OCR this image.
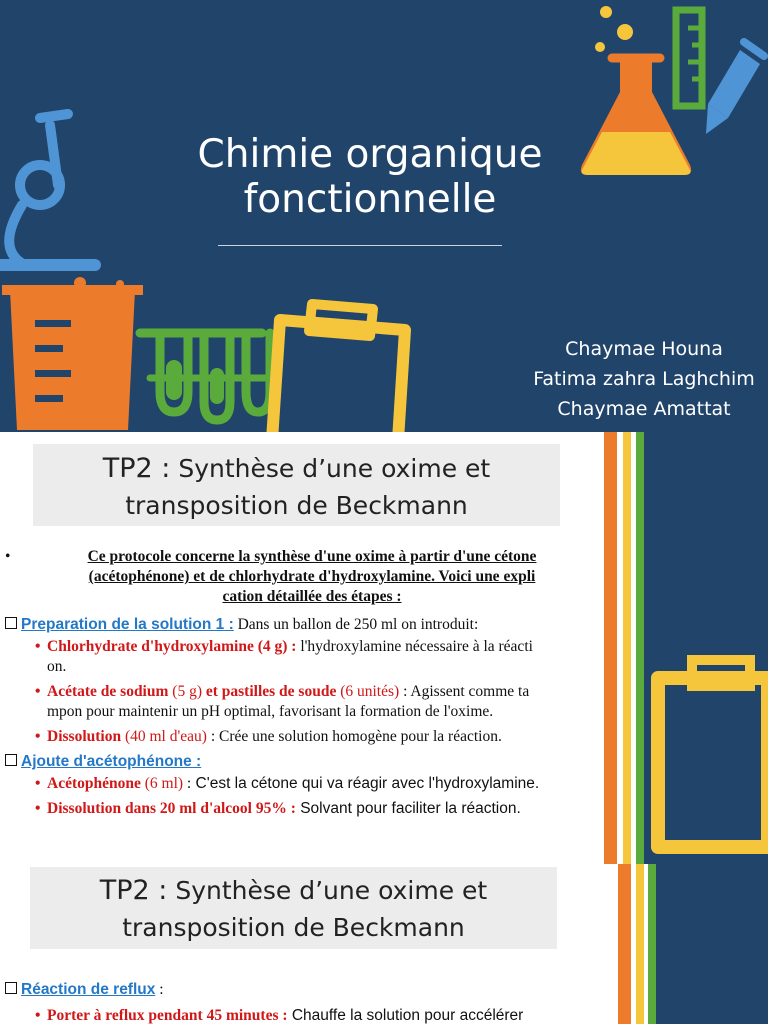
Chimie organique
fonctionnelle
Chaymae Houna
Fatima zahra Laghchim
Chaymae Amattat
TP2 : Synthèse d’une oxime et
transposition de Beckmann
•	Ce protocole concerne la synthèse d'une oxime à partir d'une cétone
(acétophénone) et de chlorhydrate d'hydroxylamine. Voici une expli
cation détaillée des étapes :
Preparation de la solution 1 : Dans un ballon de 250 ml on introduit:
• Chlorhydrate d'hydroxylamine (4 g) : l'hydroxylamine nécessaire à la réacti
on.
• Acétate de sodium (5 g) et pastilles de soude (6 unités) : Agissent comme ta
mpon pour maintenir un pH optimal, favorisant la formation de l'oxime.
• Dissolution (40 ml d'eau) : Crée une solution homogène pour la réaction.
Ajoute d'acétophénone :
• Acétophénone (6 ml) : C'est la cétone qui va réagir avec l'hydroxylamine.
• Dissolution dans 20 ml d'alcool 95% : Solvant pour faciliter la réaction.
TP2 : Synthèse d’une oxime et
transposition de Beckmann
Réaction de reflux :
• Porter à reflux pendant 45 minutes : Chauffe la solution pour accélérer
